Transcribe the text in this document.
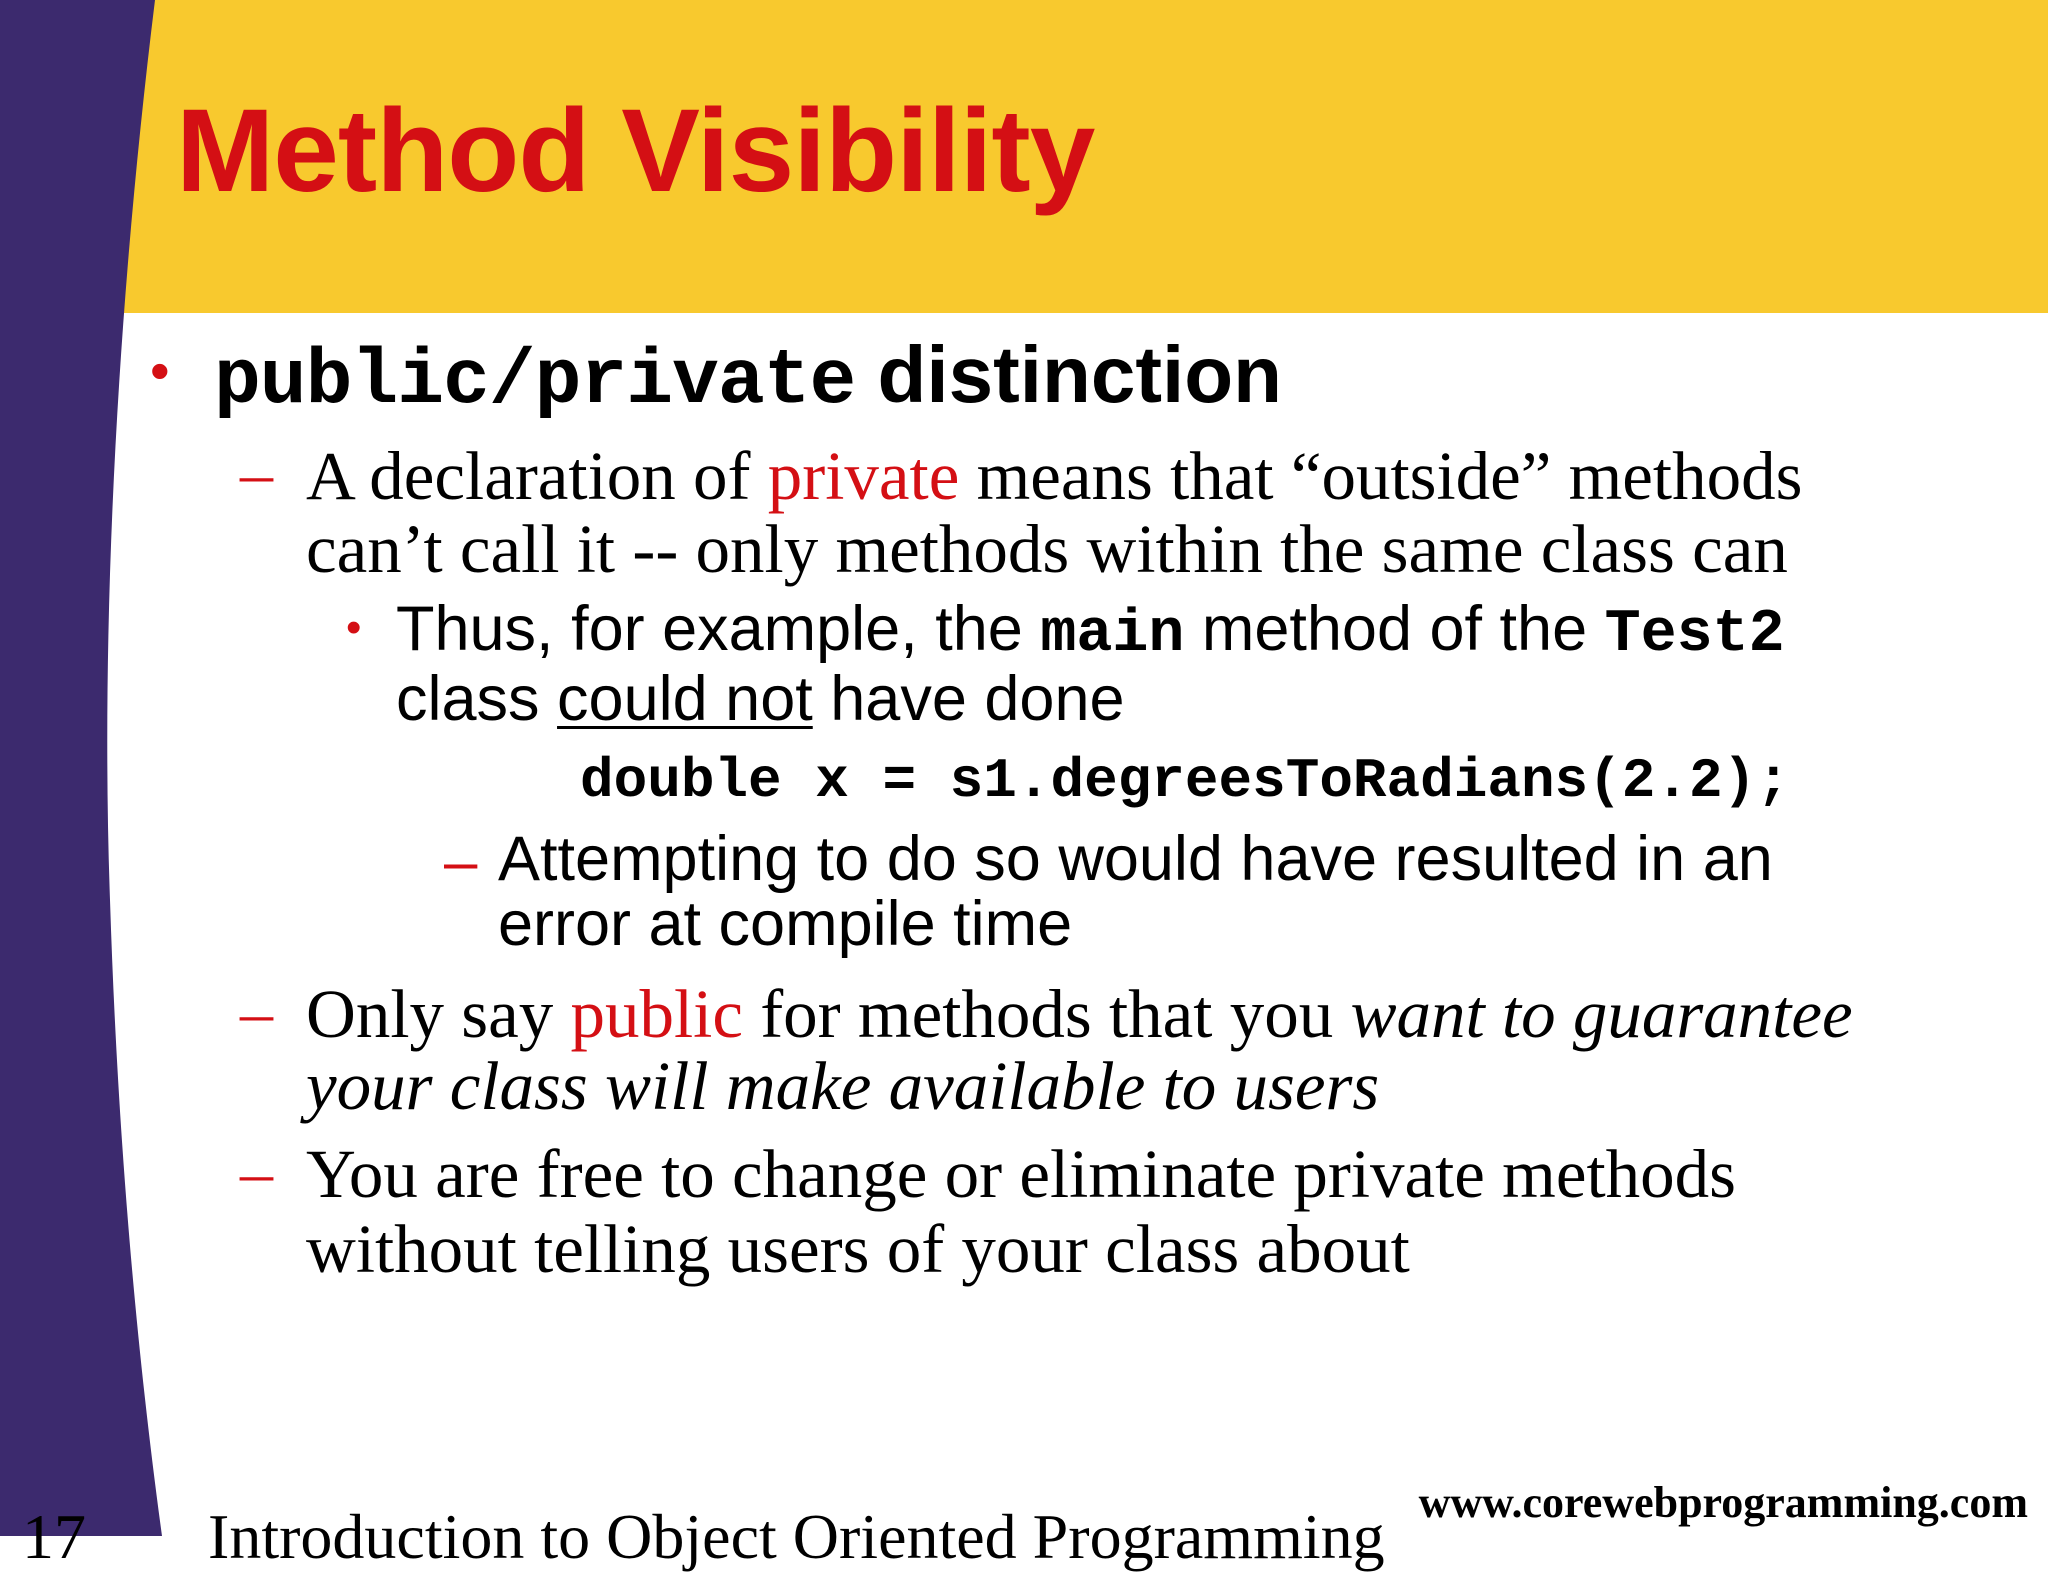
Method Visibility
• public/private distinction
– A declaration of private means that “outside” methods
can’t call it -- only methods within the same class can
• Thus, for example, the main method of the Test2
class could not have done
double x = s1.degreesToRadians(2.2);
– Attempting to do so would have resulted in an
error at compile time
– Only say public for methods that you want to guarantee
your class will make available to users
– You are free to change or eliminate private methods
without telling users of your class about
www.corewebprogramming.com
17 Introduction to Object Oriented Programming
